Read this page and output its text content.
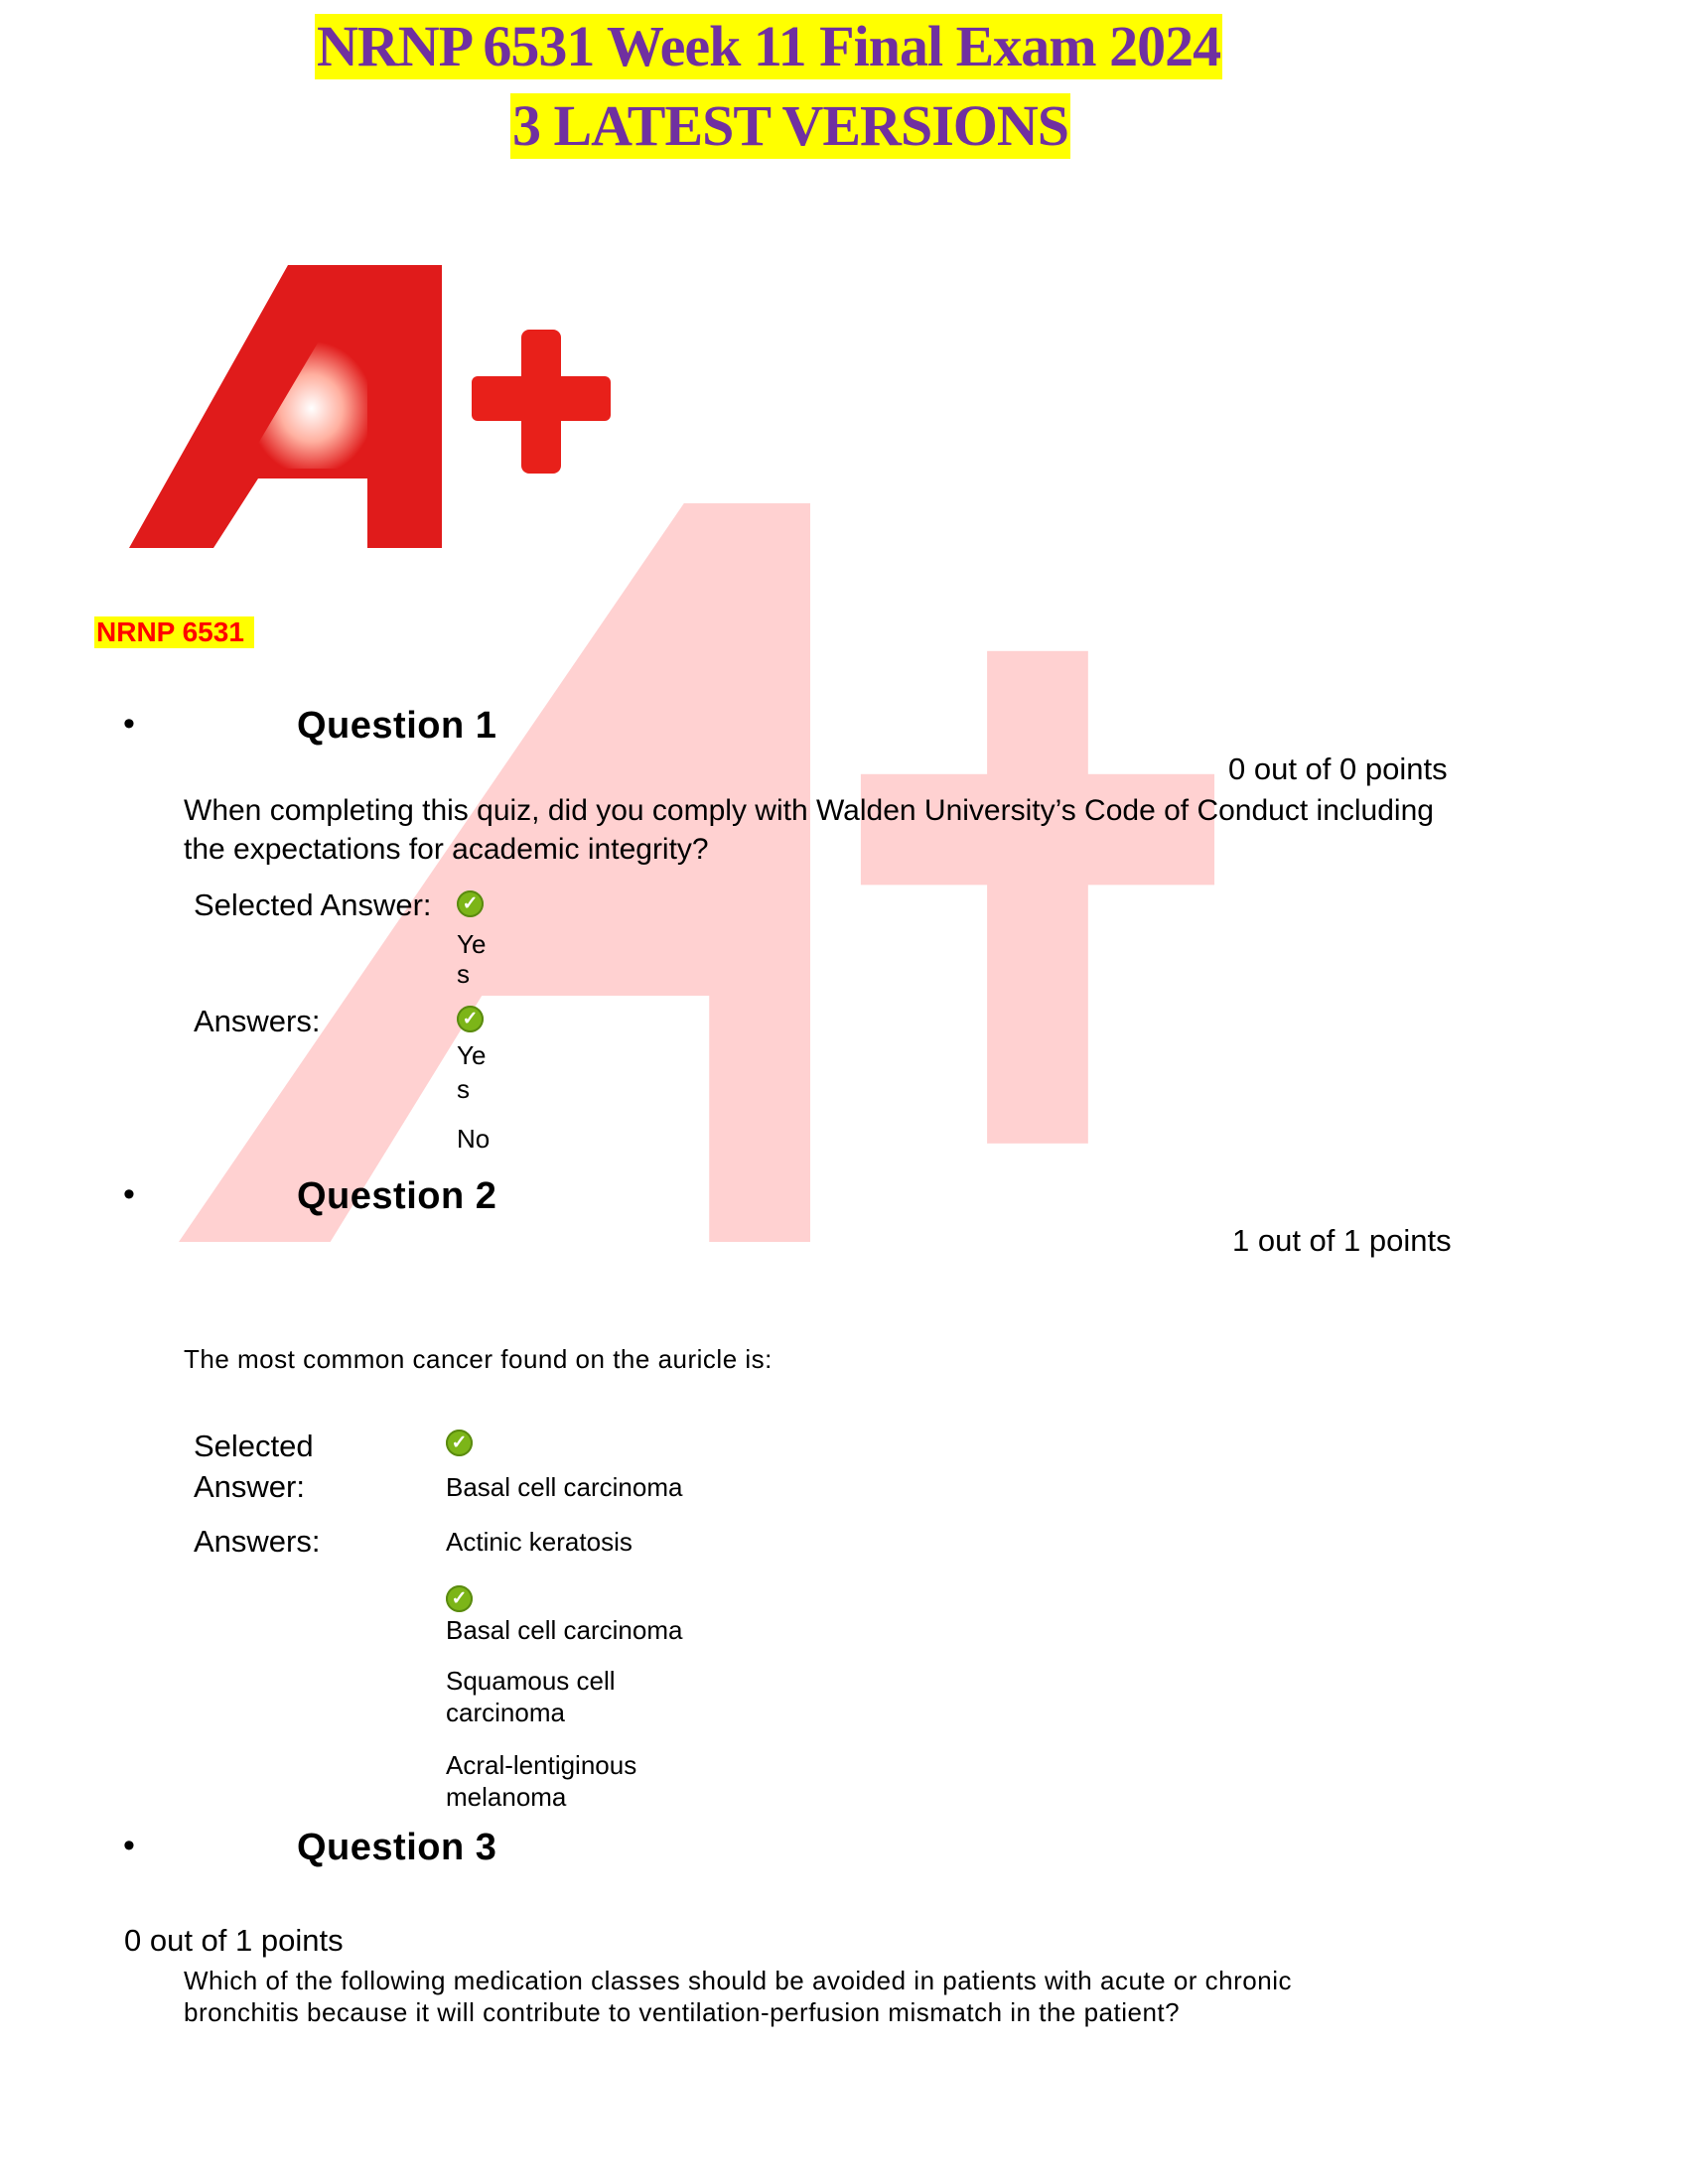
NRNP 6531 Week 11 Final Exam 2024
3 LATEST VERSIONS
NRNP 6531
•	Question 1
0 out of 0 points
When completing this quiz, did you comply with Walden University’s Code of Conduct including the expectations for academic integrity?
Selected Answer: ✓
Ye
s
Answers:	✓
Ye
s
No
•	Question 2
1 out of 1 points
The most common cancer found on the auricle is:
Selected
Answer:
✓
Basal cell carcinoma
Answers:	Actinic keratosis
✓
Basal cell carcinoma
Squamous cell
carcinoma
Acral-lentiginous
melanoma
•	Question 3
0 out of 1 points
Which of the following medication classes should be avoided in patients with acute or chronic bronchitis because it will contribute to ventilation-perfusion mismatch in the patient?
